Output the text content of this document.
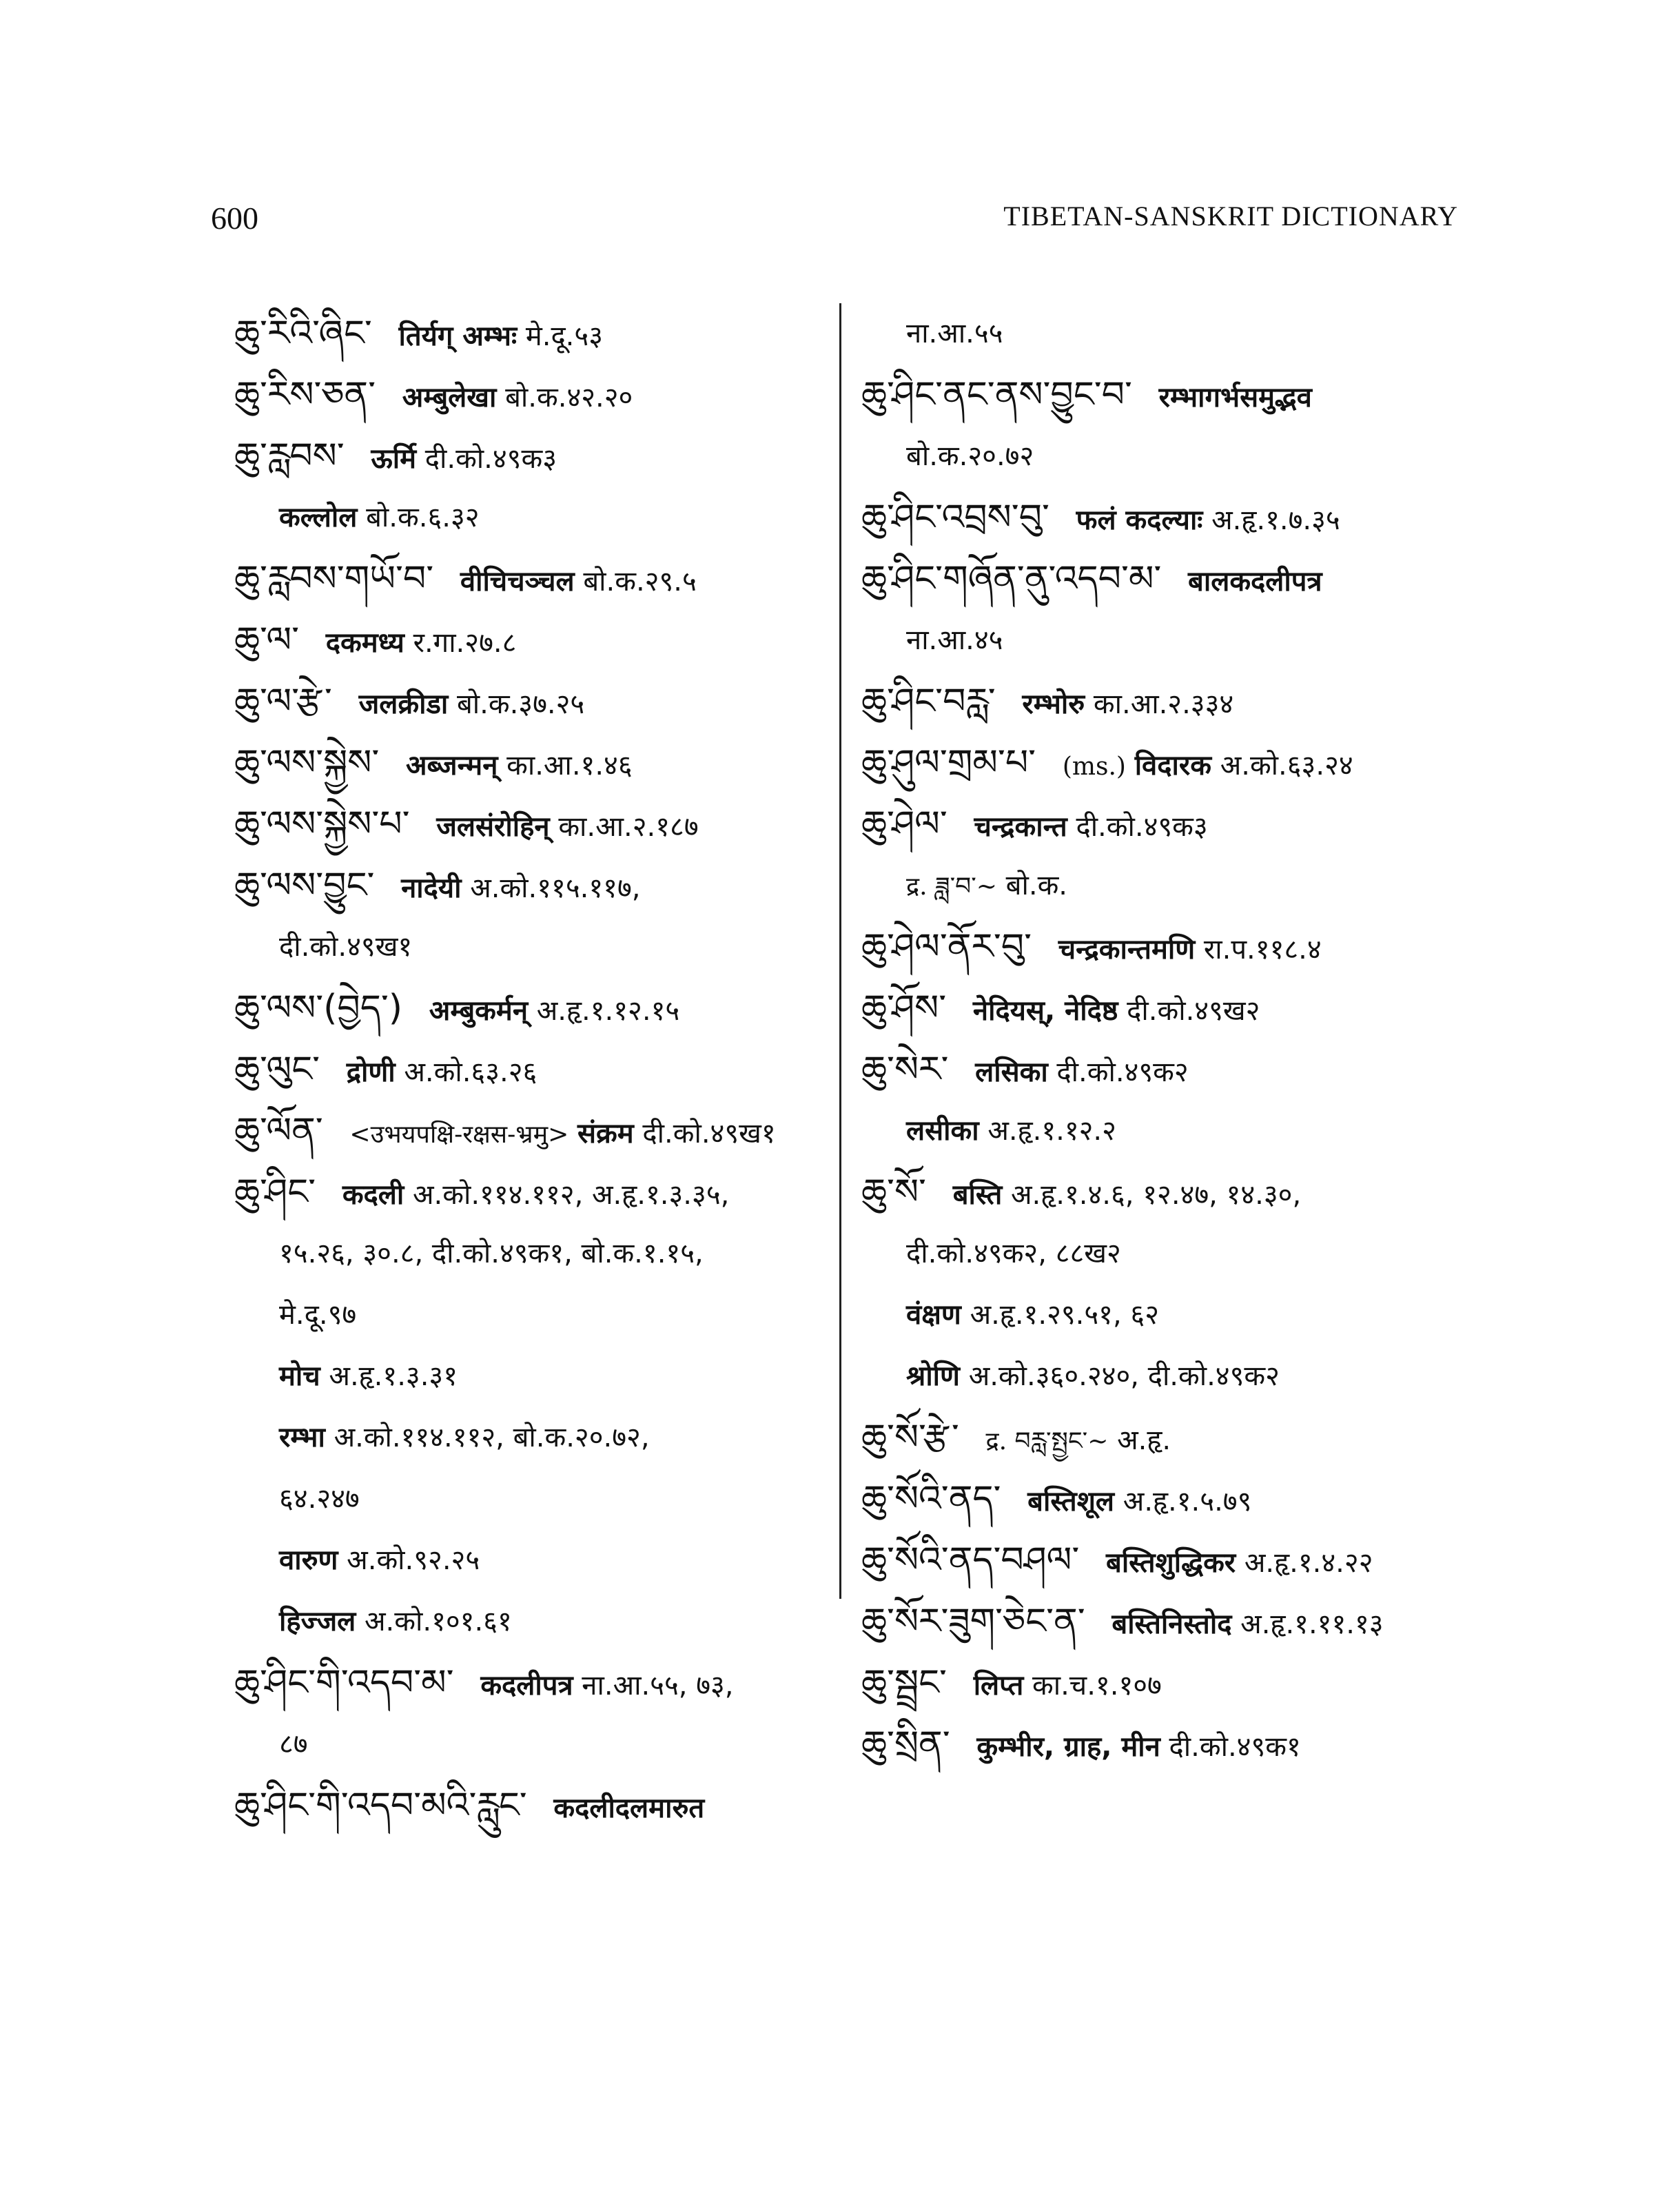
600	TIBETAN-SANSKRIT DICTIONARY
ཆུ་རིའི་ཞིང་ तिर्यग् अम्भः मे.दू.५३
ཆུ་རིས་ཅན་ अम्बुलेखा बो.क.४२.२०
ཆུ་རླབས་ ऊर्मि दी.को.४९क३
कल्लोल बो.क.६.३२
ཆུ་རླབས་གཡོ་བ་ वीचिचञ्चल बो.क.२९.५
ཆུ་ལ་ दकमध्य र.गा.२७.८
ཆུ་ལ་རྩེ་ जलक्रीडा बो.क.३७.२५
ཆུ་ལས་སྐྱེས་ अब्जन्मन् का.आ.१.४६
ཆུ་ལས་སྐྱེས་པ་ जलसंरोहिन् का.आ.२.१८७
ཆུ་ལས་བྱུང་ नादेयी अ.को.११५.११७,
दी.को.४९ख१
ཆུ་ལས་(བྱེད་) अम्बुकर्मन् अ.हृ.१.१२.१५
ཆུ་ལུང་ द्रोणी अ.को.६३.२६
ཆུ་ལོན་ <उभयपक्षि-रक्षस-भ्रमु> संक्रम दी.को.४९ख१
ཆུ་ཤིང་ कदली अ.को.११४.११२, अ.हृ.१.३.३५,
१५.२६, ३०.८, दी.को.४९क१, बो.क.१.१५,
मे.दू.९७
मोच अ.हृ.१.३.३१
रम्भा अ.को.११४.११२, बो.क.२०.७२,
६४.२४७
वारुण अ.को.९२.२५
हिज्जल अ.को.१०१.६१
ཆུ་ཤིང་གི་འདབ་མ་ कदलीपत्र ना.आ.५५, ७३,
८७
ཆུ་ཤིང་གི་འདབ་མའི་རླུང་ कदलीदलमारुत
ना.आ.५५
ཆུ་ཤིང་ནང་ནས་བྱུང་བ་ रम्भागर्भसमुद्भव
बो.क.२०.७२
ཆུ་ཤིང་འབྲས་བུ་ फलं कदल्याः अ.हृ.१.७.३५
ཆུ་ཤིང་གཞོན་ནུ་འདབ་མ་ बालकदलीपत्र
ना.आ.४५
ཆུ་ཤིང་བརླ་ रम्भोरु का.आ.२.३३४
ཆུ་ཤུལ་གྲམ་པ་ (ms.) विदारक अ.को.६३.२४
ཆུ་ཤེལ་ चन्द्रकान्त दी.को.४९क३
द्र. ཟླ་བ་~ बो.क.
ཆུ་ཤེལ་ནོར་བུ་ चन्द्रकान्तमणि रा.प.११८.४
ཆུ་ཤོས་ नेदियस्, नेदिष्ठ दी.को.४९ख२
ཆུ་སེར་ लसिका दी.को.४९क२
लसीका अ.हृ.१.१२.२
ཆུ་སོ་ बस्ति अ.हृ.१.४.६, १२.४७, १४.३०,
दी.को.४९क२, ८८ख२
वंक्षण अ.हृ.१.२९.५१, ६२
श्रोणि अ.को.३६०.२४०, दी.को.४९क२
ཆུ་སོ་རྩེ་ द्र. བརླ་སྤྱང་~ अ.हृ.
ཆུ་སོའི་ནད་ बस्तिशूल अ.हृ.१.५.७९
ཆུ་སོའི་ནད་བཤལ་ बस्तिशुद्धिकर अ.हृ.१.४.२२
ཆུ་སོར་ཟུག་ཅེང་ན་ बस्तिनिस्तोद अ.हृ.१.११.१३
ཆུ་སྦྲང་ लिप्त का.च.१.१०७
ཆུ་སྲིན་ कुम्भीर, ग्राह, मीन दी.को.४९क१
